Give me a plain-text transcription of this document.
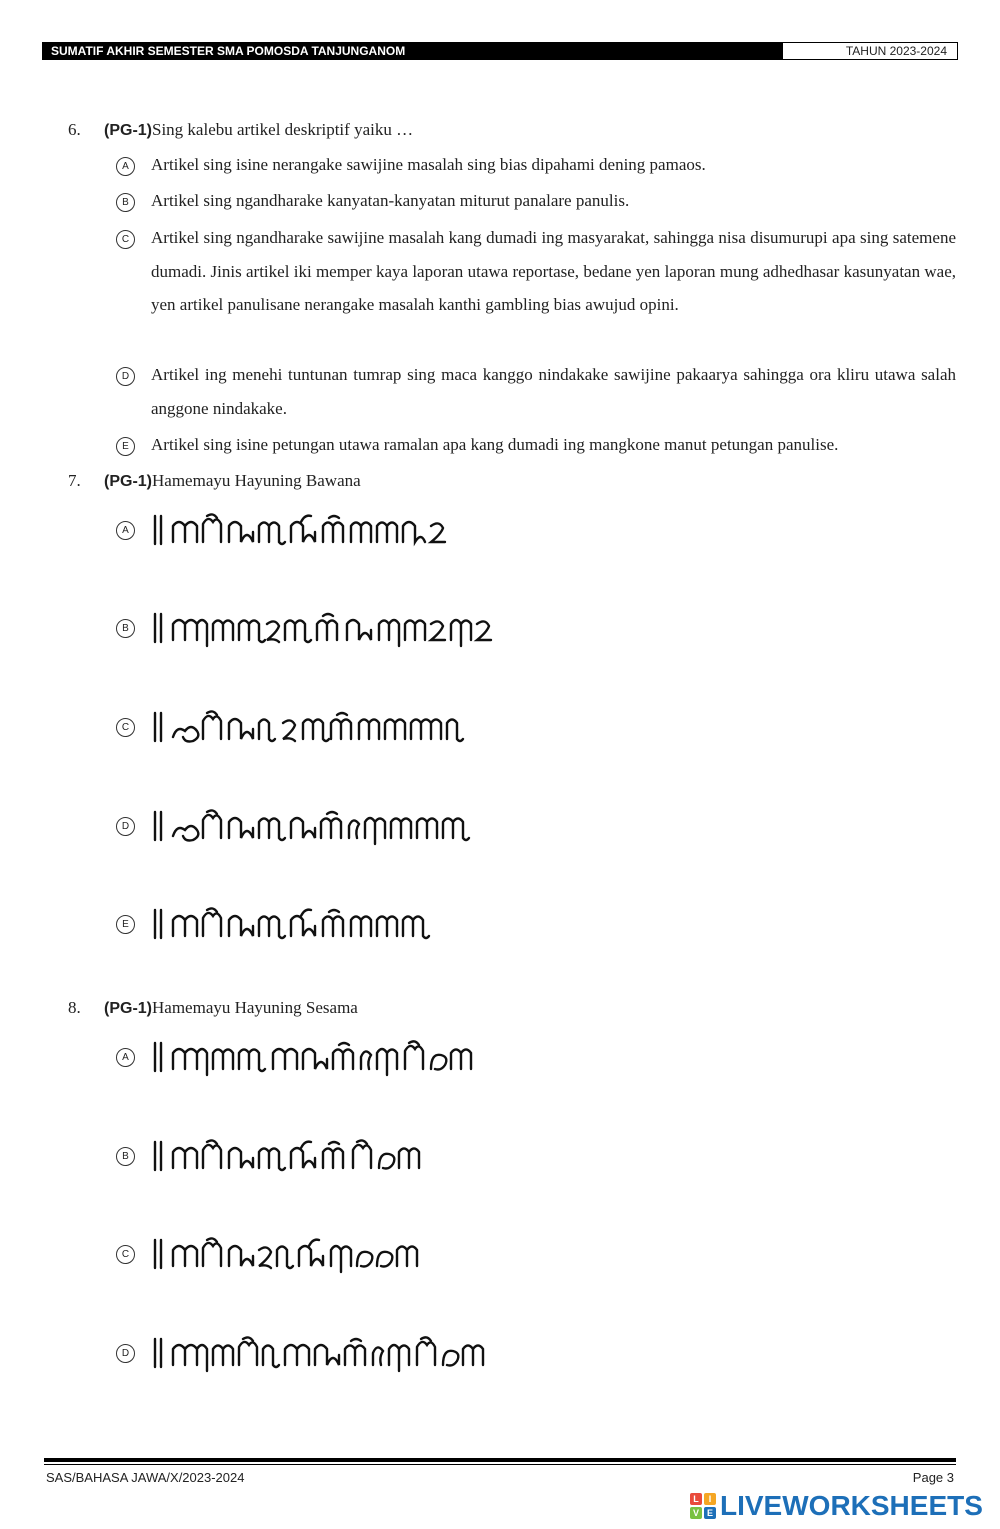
SUMATIF AKHIR SEMESTER SMA POMOSDA TANJUNGANOM	TAHUN 2023-2024
6. (PG-1)Sing kalebu artikel deskriptif yaiku …
A	Artikel sing isine nerangake sawijine masalah sing bias dipahami dening pamaos.
B	Artikel sing ngandharake kanyatan-kanyatan miturut panalare panulis.
C	Artikel sing ngandharake sawijine masalah kang dumadi ing masyarakat, sahingga nisa disumurupi apa sing satemene dumadi. Jinis artikel iki memper kaya laporan utawa reportase, bedane yen laporan mung adhedhasar kasunyatan wae, yen artikel panulisane nerangake masalah kanthi gambling bias awujud opini.
D	Artikel ing menehi tuntunan tumrap sing maca kanggo nindakake sawijine pakaarya sahingga ora kliru utawa salah anggone nindakake.
E	Artikel sing isine petungan utawa ramalan apa kang dumadi ing mangkone manut petungan panulise.
7. (PG-1)Hamemayu Hayuning Bawana
A
B
C
D
E
8. (PG-1)Hamemayu Hayuning Sesama
A
B
C
D
SAS/BAHASA JAWA/X/2023-2024	Page 3
L	I
V E LIVEWORKSHEETS
